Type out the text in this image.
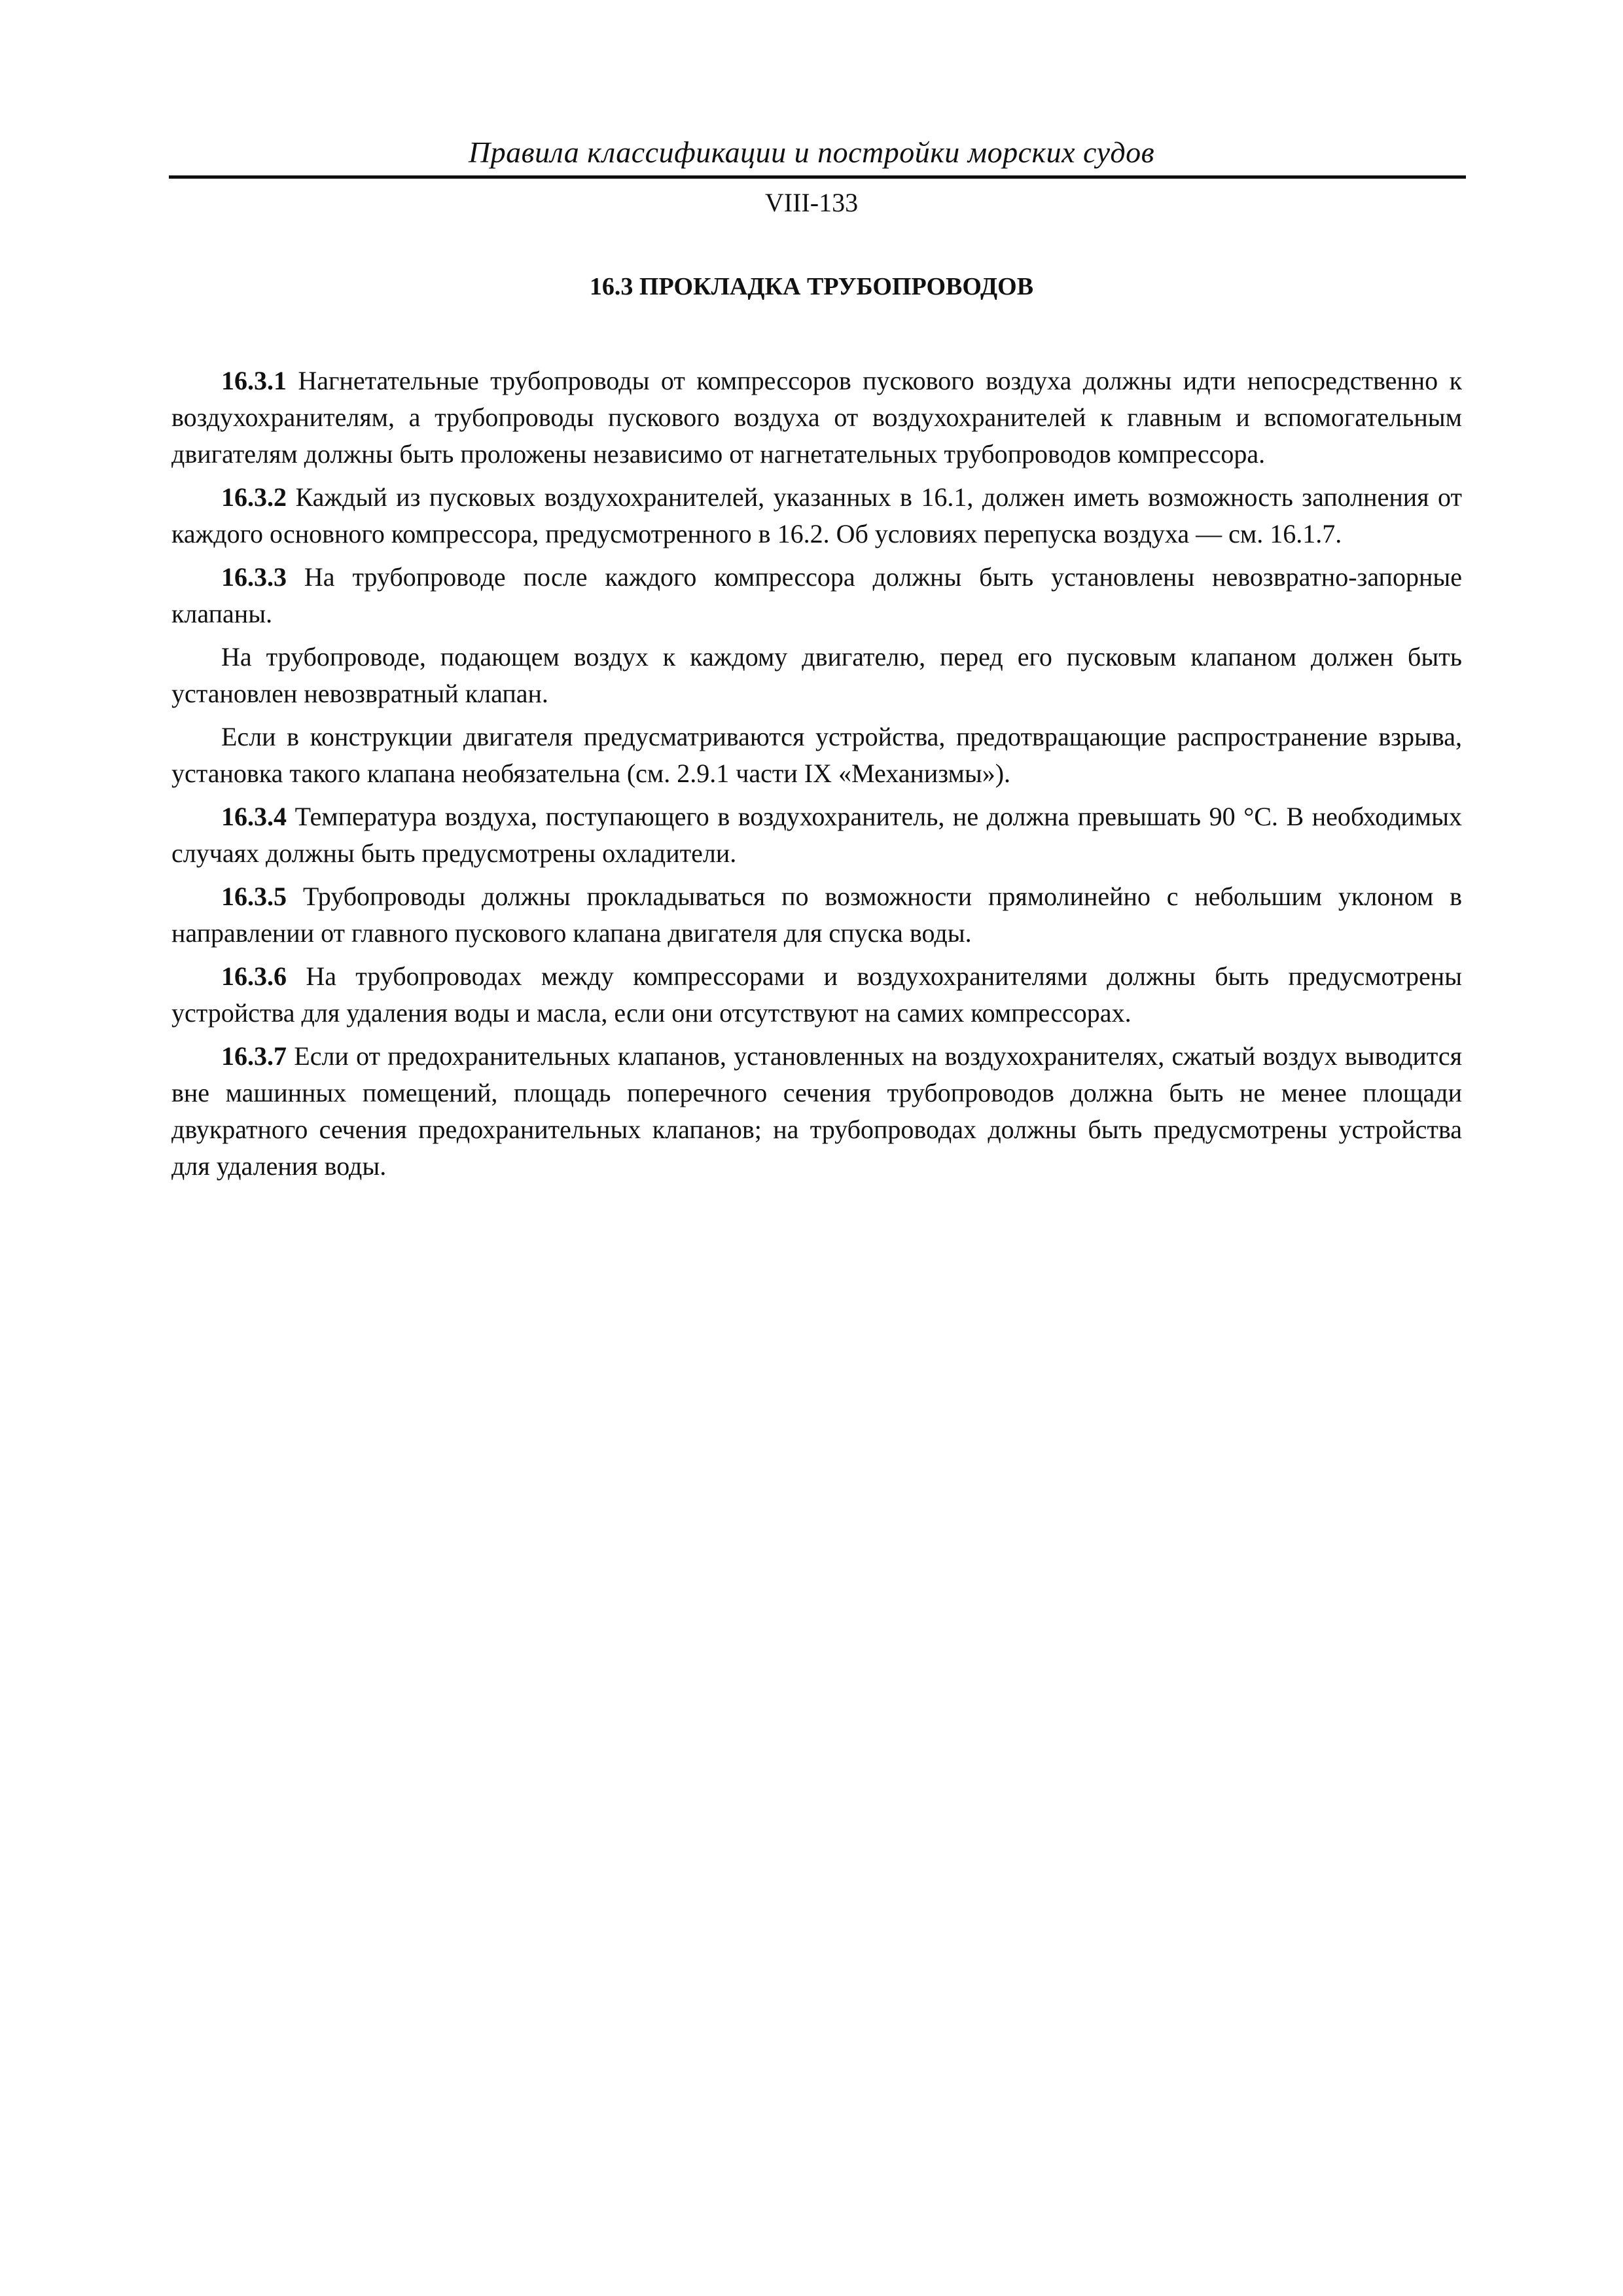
Правила классификации и постройки морских судов
VIII-133
16.3 ПРОКЛАДКА ТРУБОПРОВОДОВ

16.3.1 Нагнетательные трубопроводы от компрессоров пускового воздуха должны идти непосредственно к воздухохранителям, а трубопроводы пускового воздуха от воздухохранителей к главным и вспомогательным двигателям должны быть проложены независимо от нагнетательных трубопроводов компрессора.

16.3.2 Каждый из пусковых воздухохранителей, указанных в 16.1, должен иметь возможность заполнения от каждого основного компрессора, предусмотренного в 16.2. Об условиях перепуска воздуха — см. 16.1.7.

16.3.3 На трубопроводе после каждого компрессора должны быть установлены невозвратно-запорные клапаны.

На трубопроводе, подающем воздух к каждому двигателю, перед его пусковым клапаном должен быть установлен невозвратный клапан.

Если в конструкции двигателя предусматриваются устройства, предотвращающие распространение взрыва, установка такого клапана необязательна (см. 2.9.1 части IX «Механизмы»).

16.3.4 Температура воздуха, поступающего в воздухохранитель, не должна превышать 90 °С. В необходимых случаях должны быть предусмотрены охладители.

16.3.5 Трубопроводы должны прокладываться по возможности прямолинейно с небольшим уклоном в направлении от главного пускового клапана двигателя для спуска воды.

16.3.6 На трубопроводах между компрессорами и воздухохранителями должны быть предусмотрены устройства для удаления воды и масла, если они отсутствуют на самих компрессорах.

16.3.7 Если от предохранительных клапанов, установленных на воздухохранителях, сжатый воздух выводится вне машинных помещений, площадь поперечного сечения трубопроводов должна быть не менее площади двукратного сечения предохранительных клапанов; на трубопроводах должны быть предусмотрены устройства для удаления воды.
